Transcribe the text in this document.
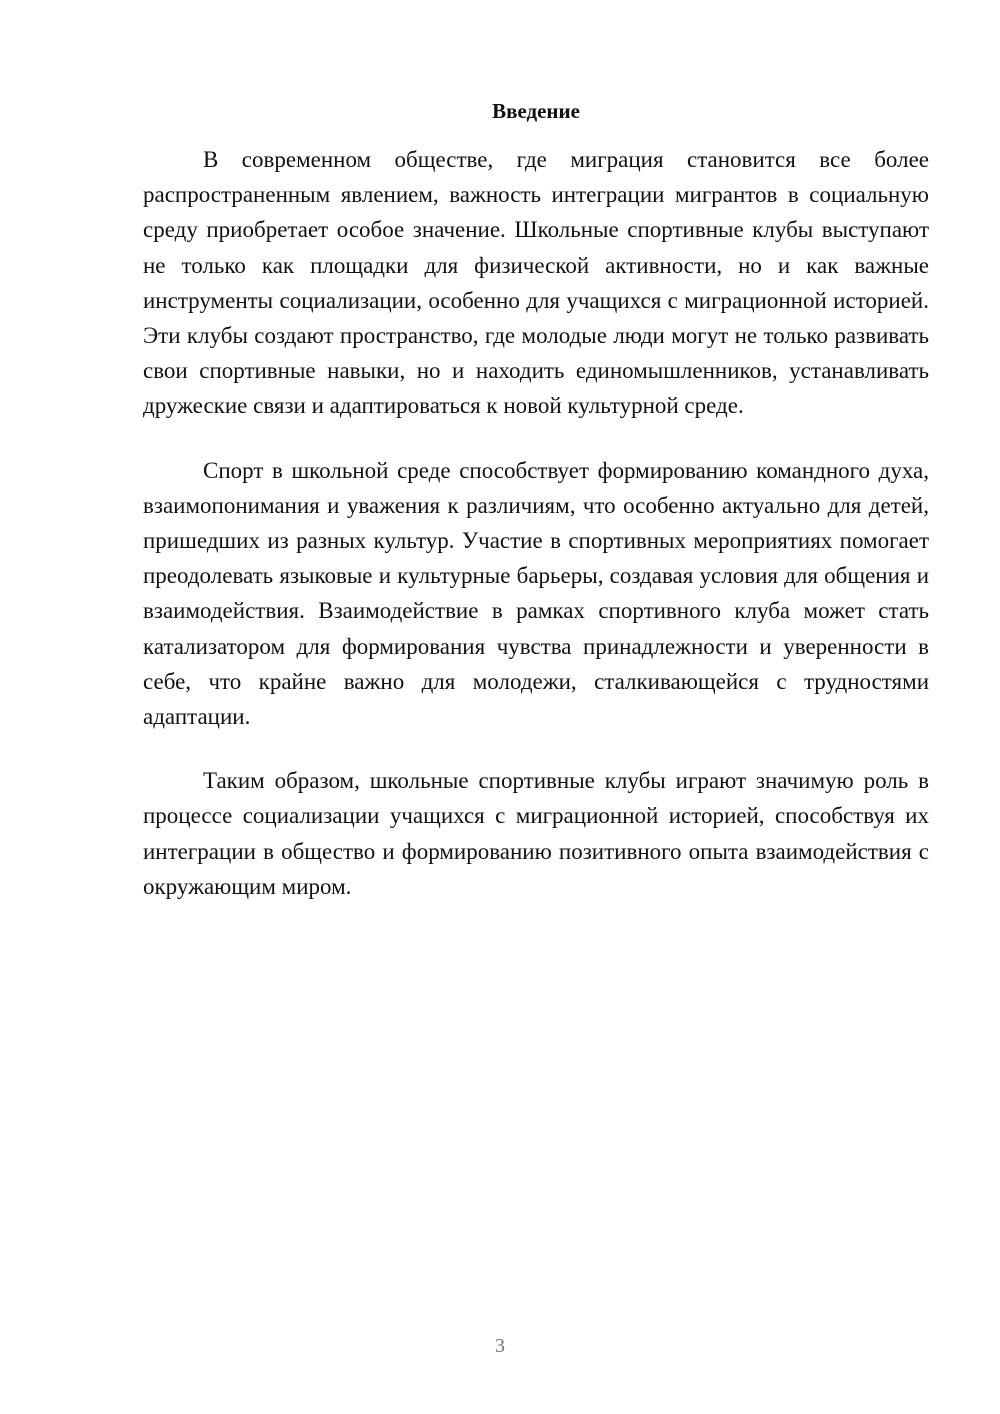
Введение

В современном обществе, где миграция становится все более распространенным явлением, важность интеграции мигрантов в социальную среду приобретает особое значение. Школьные спортивные клубы выступают не только как площадки для физической активности, но и как важные инструменты социализации, особенно для учащихся с миграционной историей. Эти клубы создают пространство, где молодые люди могут не только развивать свои спортивные навыки, но и находить единомышленников, устанавливать дружеские связи и адаптироваться к новой культурной среде.

Спорт в школьной среде способствует формированию командного духа, взаимопонимания и уважения к различиям, что особенно актуально для детей, пришедших из разных культур. Участие в спортивных мероприятиях помогает преодолевать языковые и культурные барьеры, создавая условия для общения и взаимодействия. Взаимодействие в рамках спортивного клуба может стать катализатором для формирования чувства принадлежности и уверенности в себе, что крайне важно для молодежи, сталкивающейся с трудностями адаптации.

Таким образом, школьные спортивные клубы играют значимую роль в процессе социализации учащихся с миграционной историей, способствуя их интеграции в общество и формированию позитивного опыта взаимодействия с окружающим миром.

3
